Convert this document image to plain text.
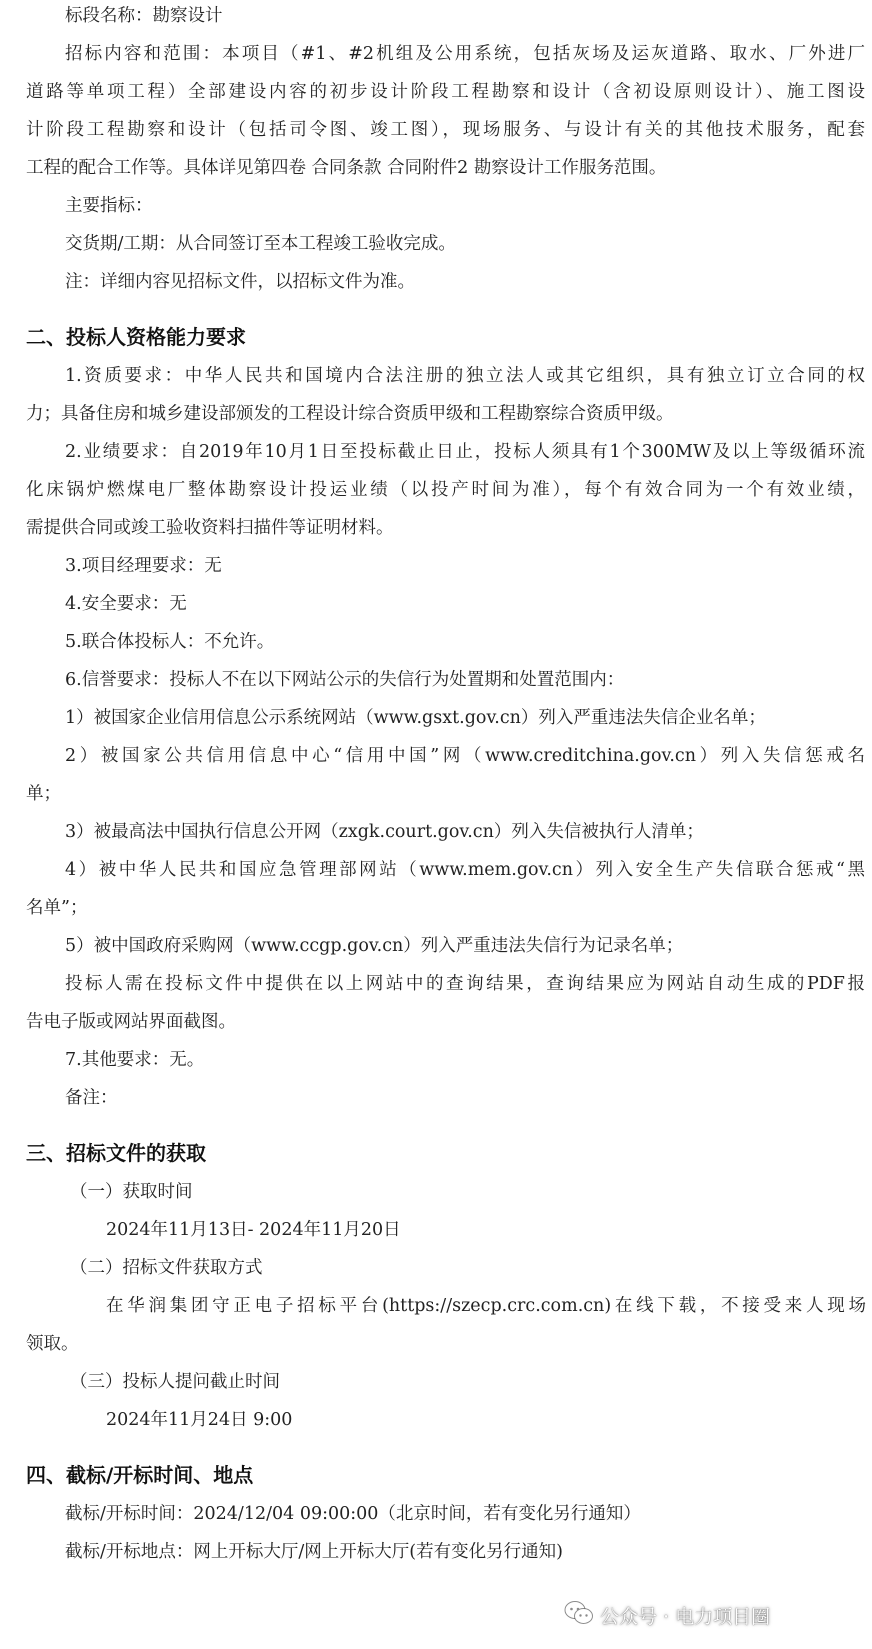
标段名称：勘察设计
招标内容和范围：本项目（#1、#2机组及公用系统，包括灰场及运灰道路、取水、厂外进厂
道路等单项工程）全部建设内容的初步设计阶段工程勘察和设计（含初设原则设计）、施工图设
计阶段工程勘察和设计（包括司令图、竣工图），现场服务、与设计有关的其他技术服务，配套
工程的配合工作等。具体详见第四卷 合同条款 合同附件2 勘察设计工作服务范围。
主要指标：
交货期/工期：从合同签订至本工程竣工验收完成。
注：详细内容见招标文件，以招标文件为准。
二、投标人资格能力要求
1.资质要求：中华人民共和国境内合法注册的独立法人或其它组织，具有独立订立合同的权
力；具备住房和城乡建设部颁发的工程设计综合资质甲级和工程勘察综合资质甲级。
2.业绩要求：自2019年10月1日至投标截止日止，投标人须具有1个300MW及以上等级循环流
化床锅炉燃煤电厂整体勘察设计投运业绩（以投产时间为准），每个有效合同为一个有效业绩，
需提供合同或竣工验收资料扫描件等证明材料。
3.项目经理要求：无
4.安全要求：无
5.联合体投标人：不允许。
6.信誉要求：投标人不在以下网站公示的失信行为处置期和处置范围内：
1）被国家企业信用信息公示系统网站（www.gsxt.gov.cn）列入严重违法失信企业名单；
2）被国家公共信用信息中心“信用中国”网（www.creditchina.gov.cn）列入失信惩戒名
单；
3）被最高法中国执行信息公开网（zxgk.court.gov.cn）列入失信被执行人清单；
4）被中华人民共和国应急管理部网站（www.mem.gov.cn）列入安全生产失信联合惩戒“黑
名单”；
5）被中国政府采购网（www.ccgp.gov.cn）列入严重违法失信行为记录名单；
投标人需在投标文件中提供在以上网站中的查询结果，查询结果应为网站自动生成的PDF报
告电子版或网站界面截图。
7.其他要求：无。
备注：
三、招标文件的获取
（一）获取时间
2024年11月13日- 2024年11月20日
（二）招标文件获取方式
在华润集团守正电子招标平台(https://szecp.crc.com.cn)在线下载，不接受来人现场
领取。
（三）投标人提问截止时间
2024年11月24日 9:00
四、截标/开标时间、地点
截标/开标时间：2024/12/04 09:00:00（北京时间，若有变化另行通知）
截标/开标地点：网上开标大厅/网上开标大厅(若有变化另行通知)
公众号 · 电力项目圈
